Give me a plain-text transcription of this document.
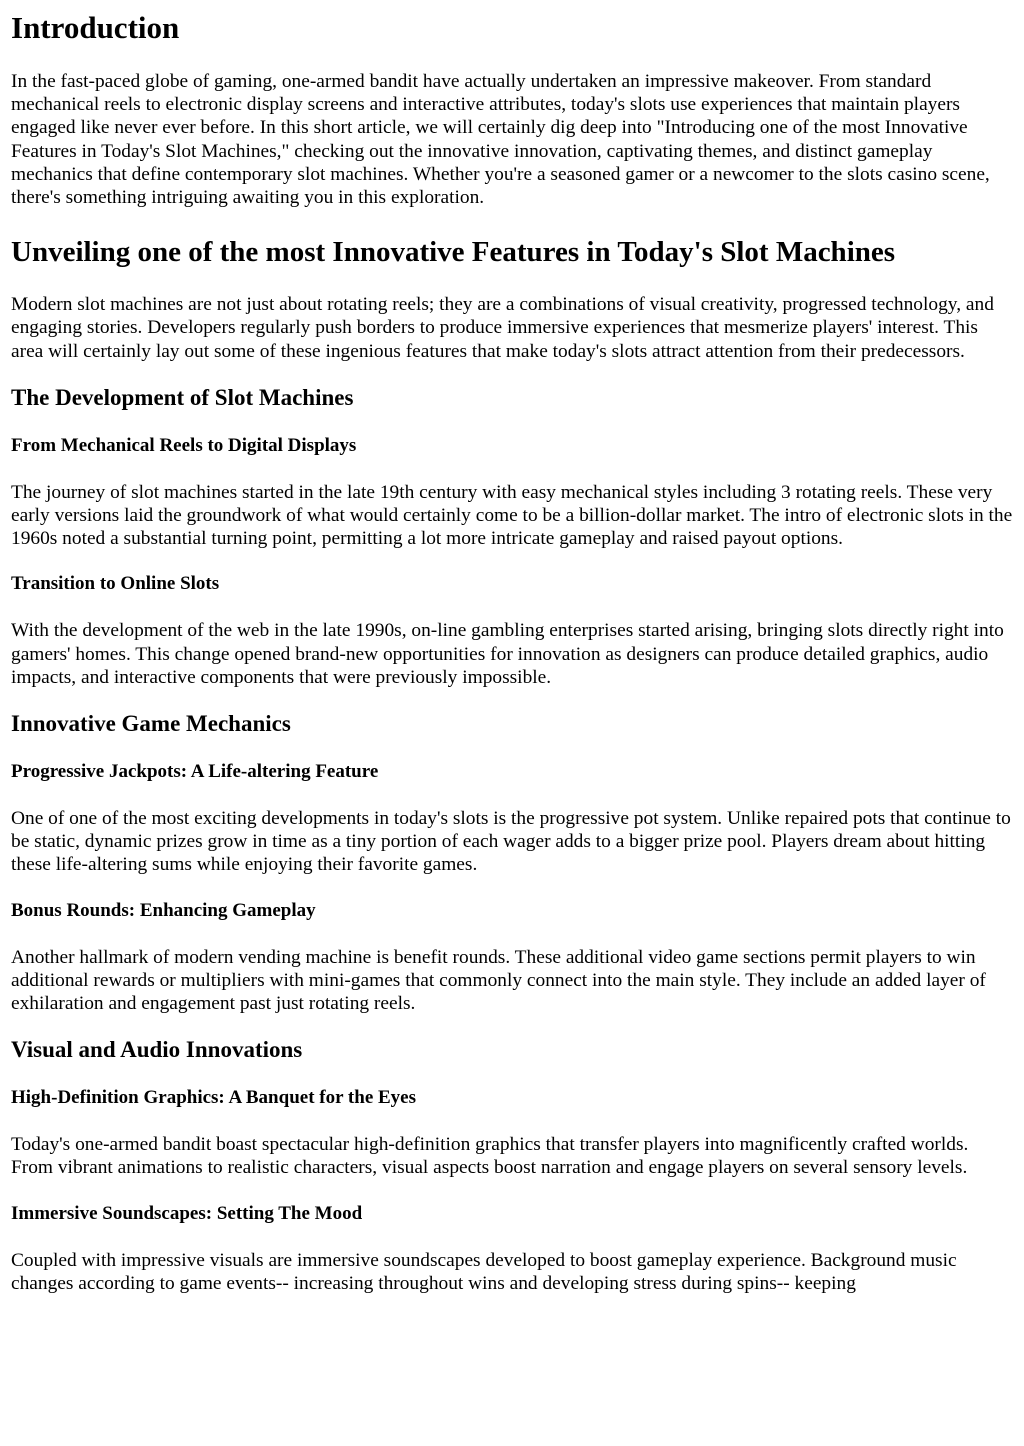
Introduction

In the fast-paced globe of gaming, one-armed bandit have actually undertaken an impressive makeover. From standard mechanical reels to electronic display screens and interactive attributes, today's slots use experiences that maintain players engaged like never ever before. In this short article, we will certainly dig deep into "Introducing one of the most Innovative Features in Today's Slot Machines," checking out the innovative innovation, captivating themes, and distinct gameplay mechanics that define contemporary slot machines. Whether you're a seasoned gamer or a newcomer to the slots casino scene, there's something intriguing awaiting you in this exploration.

Unveiling one of the most Innovative Features in Today's Slot Machines

Modern slot machines are not just about rotating reels; they are a combinations of visual creativity, progressed technology, and engaging stories. Developers regularly push borders to produce immersive experiences that mesmerize players' interest. This area will certainly lay out some of these ingenious features that make today's slots attract attention from their predecessors.

The Development of Slot Machines
From Mechanical Reels to Digital Displays

The journey of slot machines started in the late 19th century with easy mechanical styles including 3 rotating reels. These very early versions laid the groundwork of what would certainly come to be a billion-dollar market. The intro of electronic slots in the 1960s noted a substantial turning point, permitting a lot more intricate gameplay and raised payout options.

Transition to Online Slots

With the development of the web in the late 1990s, on-line gambling enterprises started arising, bringing slots directly right into gamers' homes. This change opened brand-new opportunities for innovation as designers can produce detailed graphics, audio impacts, and interactive components that were previously impossible.

Innovative Game Mechanics
Progressive Jackpots: A Life-altering Feature

One of one of the most exciting developments in today's slots is the progressive pot system. Unlike repaired pots that continue to be static, dynamic prizes grow in time as a tiny portion of each wager adds to a bigger prize pool. Players dream about hitting these life-altering sums while enjoying their favorite games.

Bonus Rounds: Enhancing Gameplay

Another hallmark of modern vending machine is benefit rounds. These additional video game sections permit players to win additional rewards or multipliers with mini-games that commonly connect into the main style. They include an added layer of exhilaration and engagement past just rotating reels.

Visual and Audio Innovations
High-Definition Graphics: A Banquet for the Eyes

Today's one-armed bandit boast spectacular high-definition graphics that transfer players into magnificently crafted worlds. From vibrant animations to realistic characters, visual aspects boost narration and engage players on several sensory levels.

Immersive Soundscapes: Setting The Mood

Coupled with impressive visuals are immersive soundscapes developed to boost gameplay experience. Background music changes according to game events-- increasing throughout wins and developing stress during spins-- keeping
